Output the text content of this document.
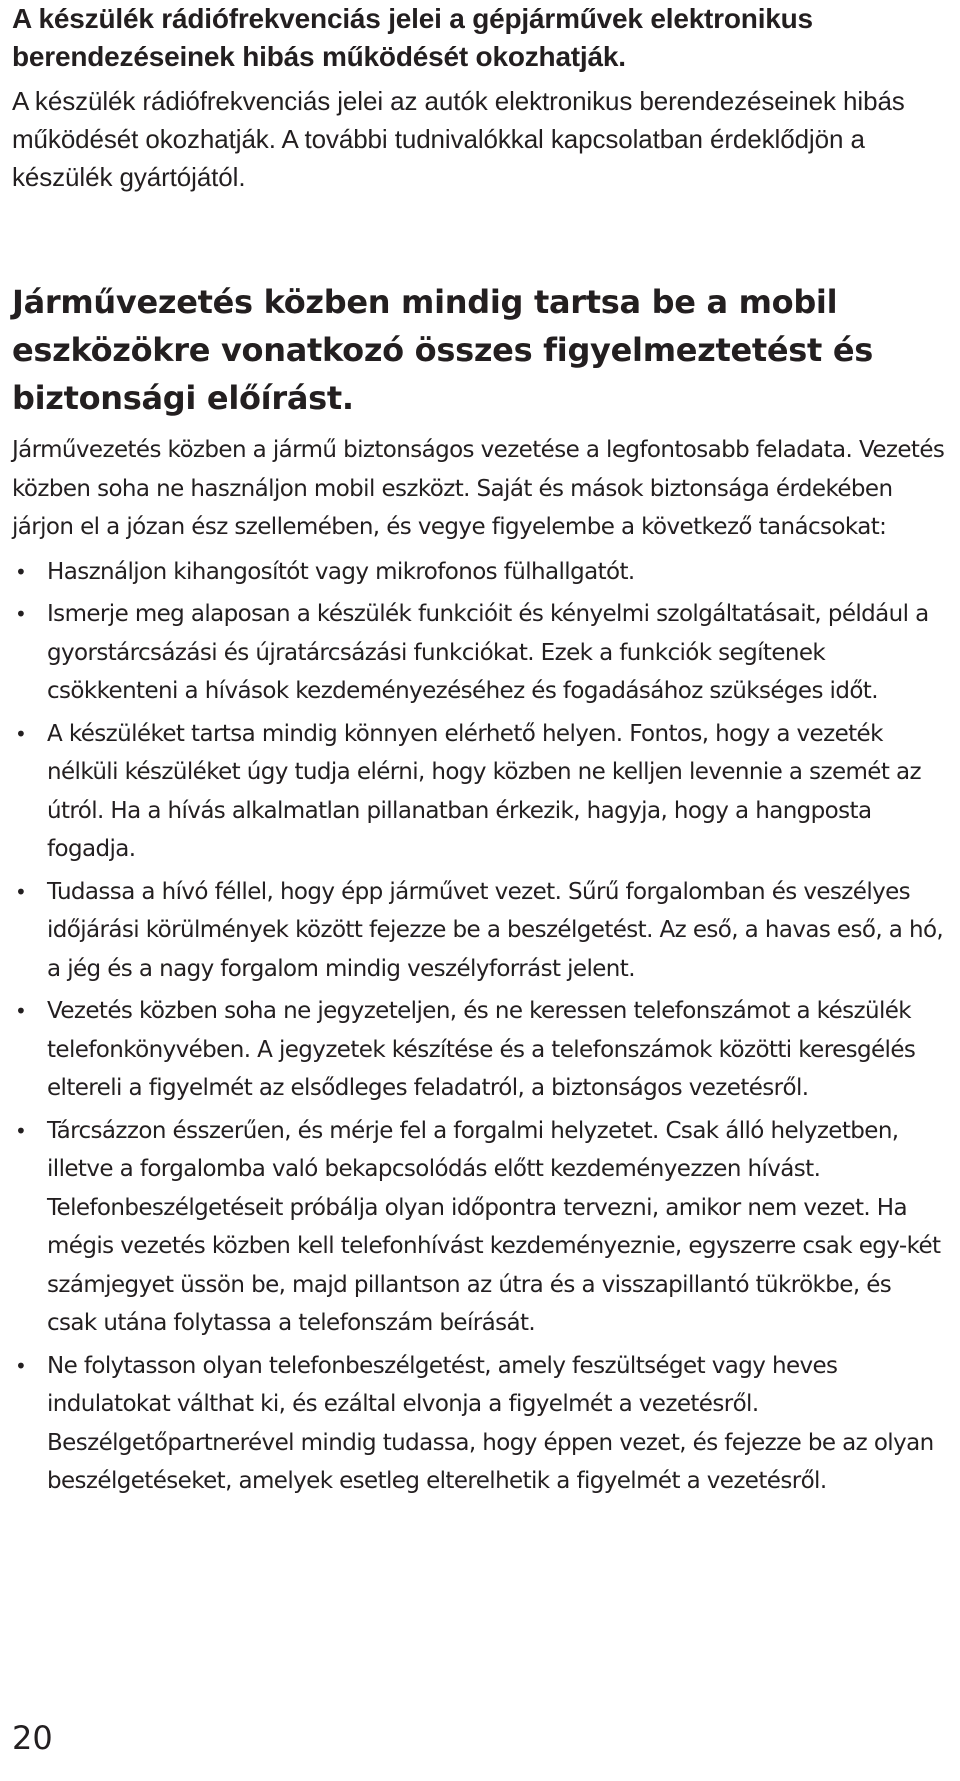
A készülék rádiófrekvenciás jelei a gépjárművek elektronikus berendezéseinek hibás működését okozhatják.

A készülék rádiófrekvenciás jelei az autók elektronikus berendezéseinek hibás működését okozhatják. A további tudnivalókkal kapcsolatban érdeklődjön a készülék gyártójától.

Járművezetés közben mindig tartsa be a mobil eszközökre vonatkozó összes figyelmeztetést és biztonsági előírást.

Járművezetés közben a jármű biztonságos vezetése a legfontosabb feladata. Vezetés közben soha ne használjon mobil eszközt. Saját és mások biztonsága érdekében járjon el a józan ész szellemében, és vegye figyelembe a következő tanácsokat:

• Használjon kihangosítót vagy mikrofonos fülhallgatót.
• Ismerje meg alaposan a készülék funkcióit és kényelmi szolgáltatásait, például a gyorstárcsázási és újratárcsázási funkciókat. Ezek a funkciók segítenek csökkenteni a hívások kezdeményezéséhez és fogadásához szükséges időt.
• A készüléket tartsa mindig könnyen elérhető helyen. Fontos, hogy a vezeték nélküli készüléket úgy tudja elérni, hogy közben ne kelljen levennie a szemét az útról. Ha a hívás alkalmatlan pillanatban érkezik, hagyja, hogy a hangposta fogadja.
• Tudassa a hívó féllel, hogy épp járművet vezet. Sűrű forgalomban és veszélyes időjárási körülmények között fejezze be a beszélgetést. Az eső, a havas eső, a hó, a jég és a nagy forgalom mindig veszélyforrást jelent.
• Vezetés közben soha ne jegyzeteljen, és ne keressen telefonszámot a készülék telefonkönyvében. A jegyzetek készítése és a telefonszámok közötti keresgélés eltereli a figyelmét az elsődleges feladatról, a biztonságos vezetésről.
• Tárcsázzon ésszerűen, és mérje fel a forgalmi helyzetet. Csak álló helyzetben, illetve a forgalomba való bekapcsolódás előtt kezdeményezzen hívást. Telefonbeszélgetéseit próbálja olyan időpontra tervezni, amikor nem vezet. Ha mégis vezetés közben kell telefonhívást kezdeményeznie, egyszerre csak egy-két számjegyet üssön be, majd pillantson az útra és a visszapillantó tükrökbe, és csak utána folytassa a telefonszám beírását.
• Ne folytasson olyan telefonbeszélgetést, amely feszültséget vagy heves indulatokat válthat ki, és ezáltal elvonja a figyelmét a vezetésről. Beszélgetőpartnerével mindig tudassa, hogy éppen vezet, és fejezze be az olyan beszélgetéseket, amelyek esetleg elterelhetik a figyelmét a vezetésről.
20
